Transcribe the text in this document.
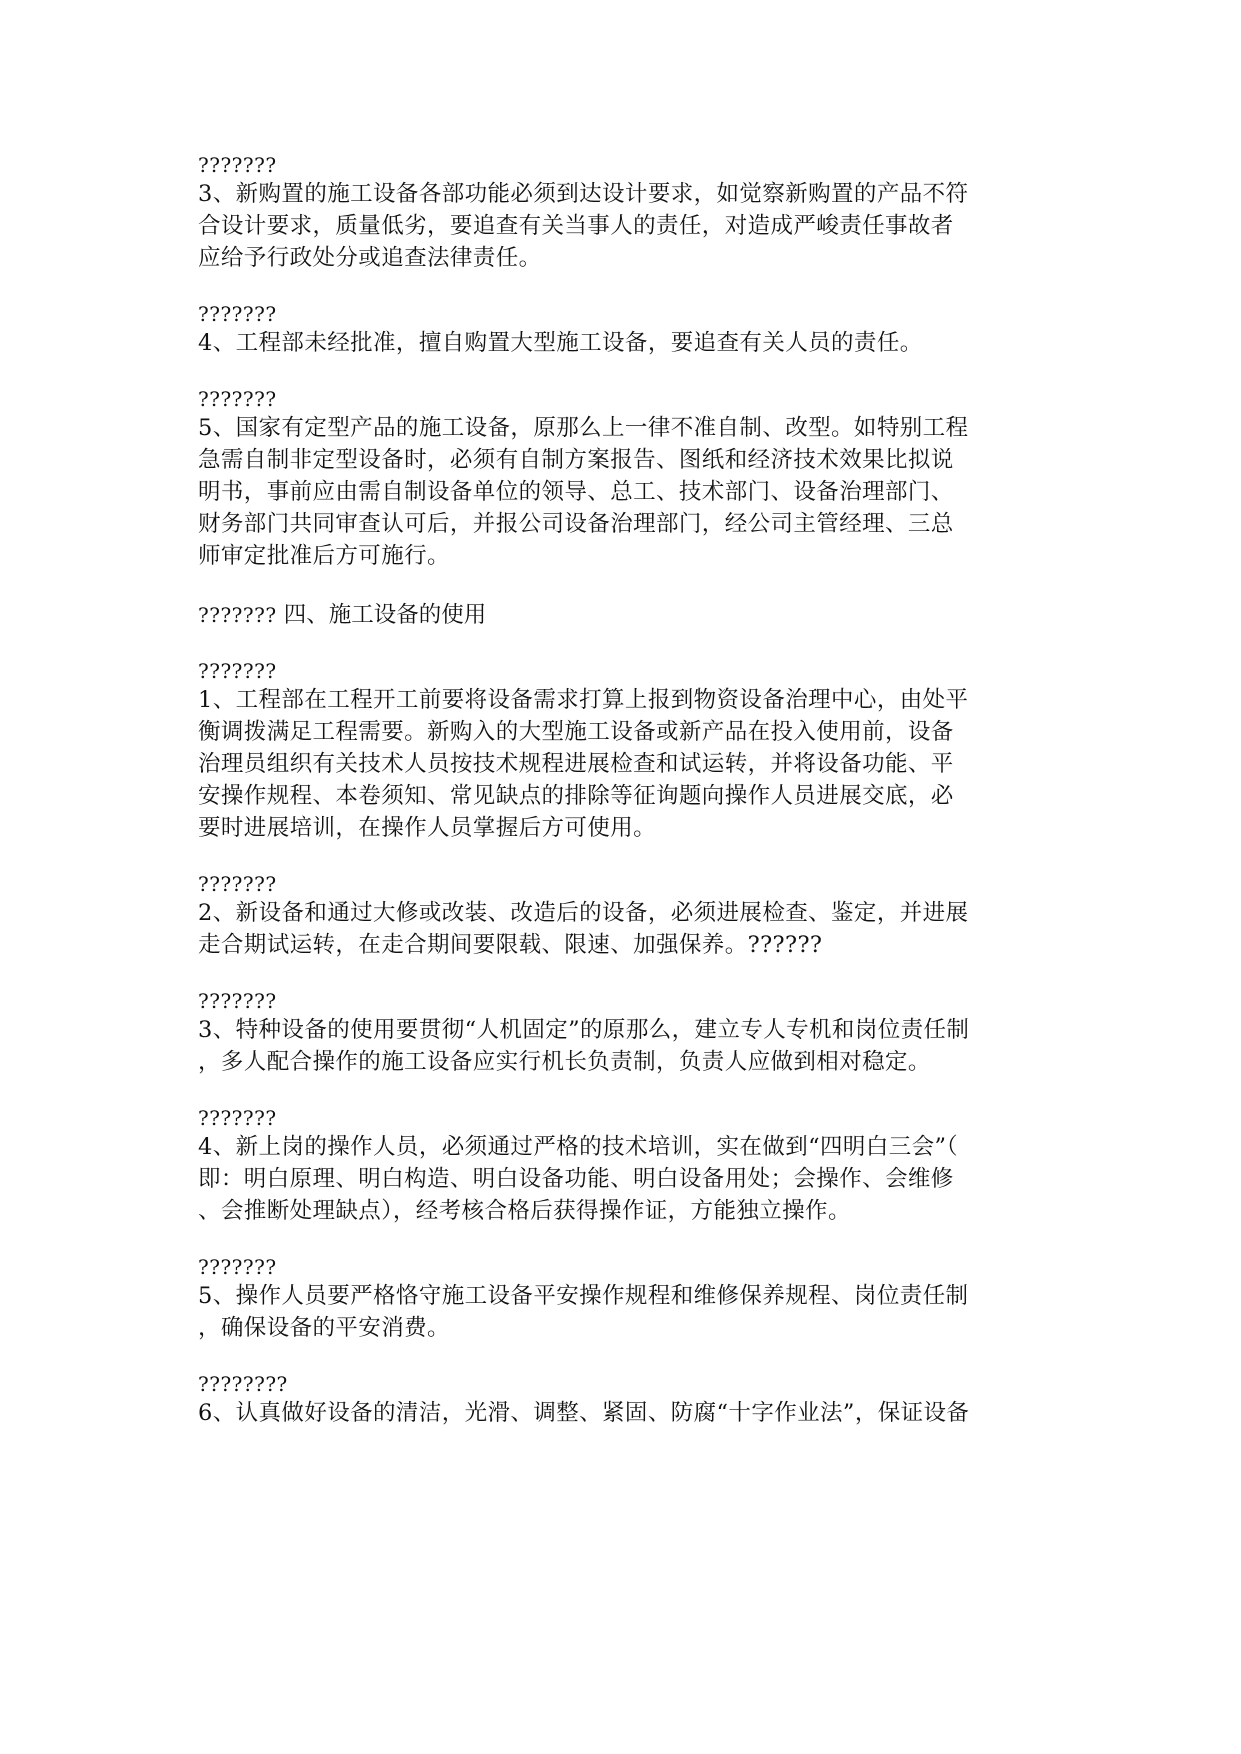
???????
3、新购置的施工设备各部功能必须到达设计要求，如觉察新购置的产品不符
合设计要求，质量低劣，要追查有关当事人的责任，对造成严峻责任事故者
应给予行政处分或追查法律责任。
???????
4、工程部未经批准，擅自购置大型施工设备，要追查有关人员的责任。
???????
5、国家有定型产品的施工设备，原那么上一律不准自制、改型。如特别工程
急需自制非定型设备时，必须有自制方案报告、图纸和经济技术效果比拟说
明书，事前应由需自制设备单位的领导、总工、技术部门、设备治理部门、
财务部门共同审查认可后，并报公司设备治理部门，经公司主管经理、三总
师审定批准后方可施行。
??????? 四、施工设备的使用
???????
1、工程部在工程开工前要将设备需求打算上报到物资设备治理中心，由处平
衡调拨满足工程需要。新购入的大型施工设备或新产品在投入使用前，设备
治理员组织有关技术人员按技术规程进展检查和试运转，并将设备功能、平
安操作规程、本卷须知、常见缺点的排除等征询题向操作人员进展交底，必
要时进展培训，在操作人员掌握后方可使用。
???????
2、新设备和通过大修或改装、改造后的设备，必须进展检查、鉴定，并进展
走合期试运转，在走合期间要限载、限速、加强保养。??????
???????
3、特种设备的使用要贯彻“人机固定”的原那么，建立专人专机和岗位责任制
，多人配合操作的施工设备应实行机长负责制，负责人应做到相对稳定。
???????
4、新上岗的操作人员，必须通过严格的技术培训，实在做到“四明白三会”（
即：明白原理、明白构造、明白设备功能、明白设备用处；会操作、会维修
、会推断处理缺点），经考核合格后获得操作证，方能独立操作。
???????
5、操作人员要严格恪守施工设备平安操作规程和维修保养规程、岗位责任制
，确保设备的平安消费。
????????
6、认真做好设备的清洁，光滑、调整、紧固、防腐“十字作业法”，保证设备
